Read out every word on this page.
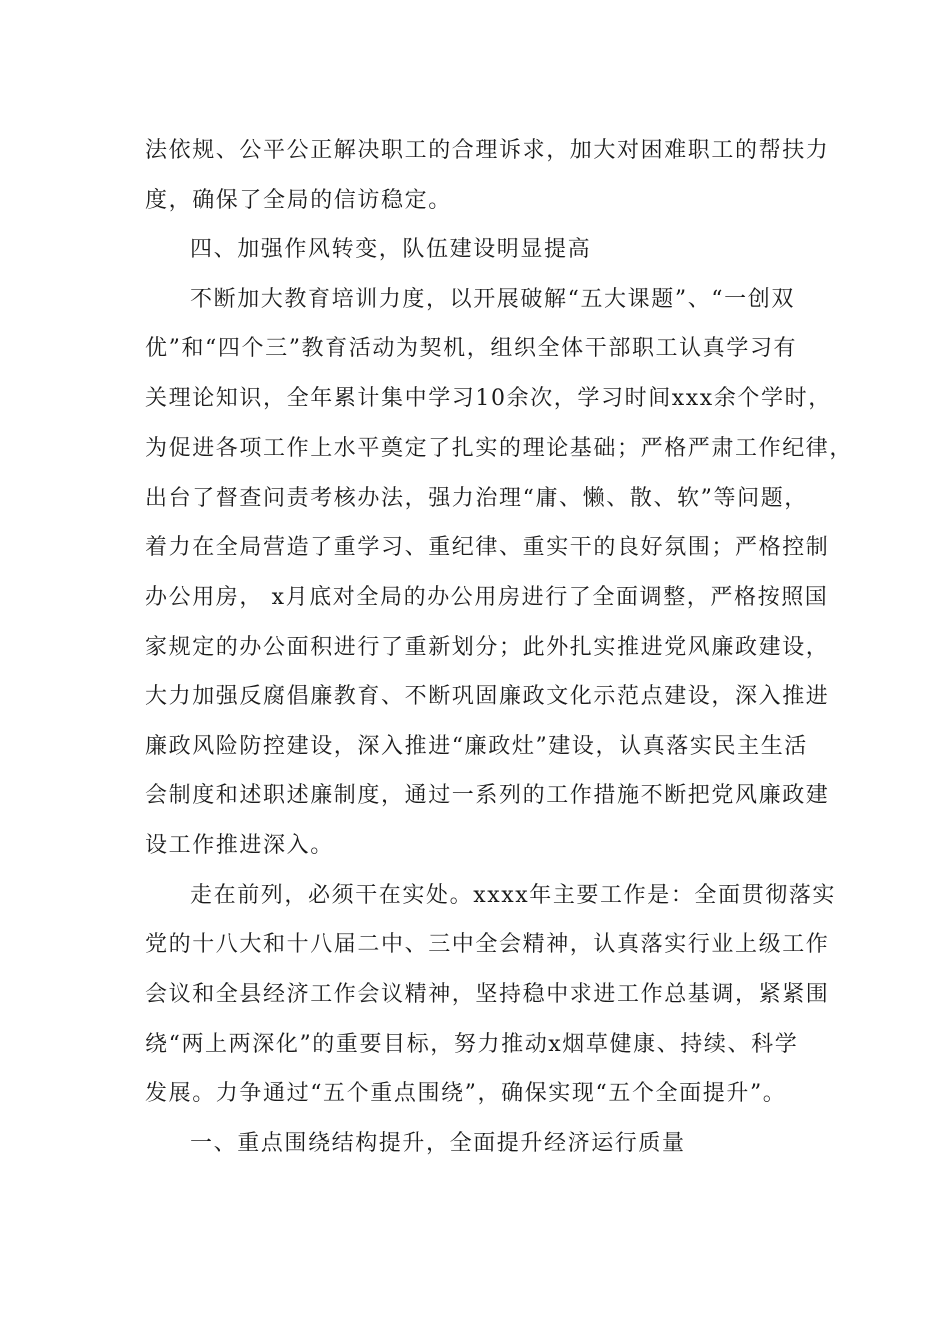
法依规、公平公正解决职工的合理诉求，加大对困难职工的帮扶力
度，确保了全局的信访稳定。
四、加强作风转变，队伍建设明显提高
不断加大教育培训力度，以开展破解“五大课题”、“一创双
优”和“四个三”教育活动为契机，组织全体干部职工认真学习有
关理论知识，全年累计集中学习10余次，学习时间xxx余个学时，
为促进各项工作上水平奠定了扎实的理论基础；严格严肃工作纪律，
出台了督查问责考核办法，强力治理“庸、懒、散、软”等问题，
着力在全局营造了重学习、重纪律、重实干的良好氛围；严格控制
办公用房， x月底对全局的办公用房进行了全面调整，严格按照国
家规定的办公面积进行了重新划分；此外扎实推进党风廉政建设，
大力加强反腐倡廉教育、不断巩固廉政文化示范点建设，深入推进
廉政风险防控建设，深入推进“廉政灶”建设，认真落实民主生活
会制度和述职述廉制度，通过一系列的工作措施不断把党风廉政建
设工作推进深入。
走在前列，必须干在实处。xxxx年主要工作是：全面贯彻落实
党的十八大和十八届二中、三中全会精神，认真落实行业上级工作
会议和全县经济工作会议精神，坚持稳中求进工作总基调，紧紧围
绕“两上两深化”的重要目标，努力推动x烟草健康、持续、科学
发展。力争通过“五个重点围绕”，确保实现“五个全面提升”。
一、重点围绕结构提升，全面提升经济运行质量
